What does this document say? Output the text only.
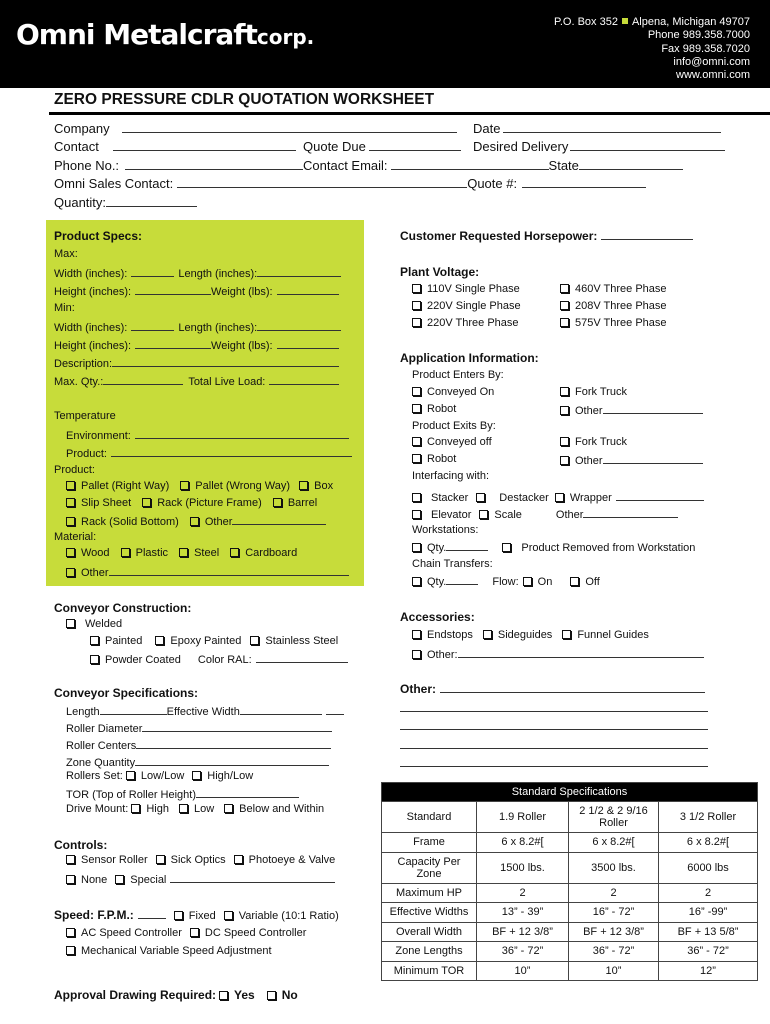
Omni Metalcraftcorp.
P.O. Box 352 Alpena, Michigan 49707
Phone 989.358.7000
Fax 989.358.7020
info@omni.com
www.omni.com
ZERO PRESSURE CDLR QUOTATION WORKSHEET
Company	Date
Contact	Quote Due	Desired Delivery
Phone No.:	Contact Email:	State
Omni Sales Contact:	Quote #:
Quantity:
Product Specs:
Max:
Width (inches):	Length (inches):
Height (inches):	Weight (lbs):
Min:
Width (inches):	Length (inches):
Height (inches):	Weight (lbs):
Description:
Max. Qty.:	Total Live Load:
Temperature
Environment:
Product:
Product:
Pallet (Right Way) Pallet (Wrong Way) Box
Slip Sheet Rack (Picture Frame) Barrel
Rack (Solid Bottom) Other
Material:
Wood Plastic Steel Cardboard
Other
Conveyor Construction:
Welded
Painted	Epoxy Painted Stainless Steel
Powder Coated Color RAL:
Conveyor Specifications:
Length	Effective Width
Roller Diameter
Roller Centers
Zone Quantity
Rollers Set: Low/Low High/Low
TOR (Top of Roller Height)
Drive Mount: High Low Below and Within
Controls:
Sensor Roller Sick Optics Photoeye & Valve
None Special
Speed: F.P.M.:	Fixed Variable (10:1 Ratio)
AC Speed Controller DC Speed Controller
Mechanical Variable Speed Adjustment
Approval Drawing Required: Yes No
Customer Requested Horsepower:
Plant Voltage:
110V Single Phase	460V Three Phase
220V Single Phase	208V Three Phase
220V Three Phase	575V Three Phase
Application Information:
Product Enters By:
Conveyed On	Fork Truck
Robot	Other
Product Exits By:
Conveyed off	Fork Truck
Robot	Other
Interfacing with:
Stacker	Destacker Wrapper
Elevator Scale	Other
Workstations:
Qty.	Product Removed from Workstation
Chain Transfers:
Qty.	Flow: On	Off
Accessories:
Endstops Sideguides Funnel Guides
Other:
Other:
Standard Specifications			
Standard	1.9 Roller	2 1/2 & 2 9/16 Roller	3 1/2 Roller
Frame	6 x 8.2#[	6 x 8.2#[	6 x 8.2#[
Capacity Per Zone	1500 lbs.	3500 lbs.	6000 lbs
Maximum HP	2	2	2
Effective Widths	13” - 39”	16” - 72”	16” -99”
Overall Width	BF + 12 3/8”	BF + 12 3/8”	BF + 13 5/8”
Zone Lengths	36” - 72”	36” - 72”	36” - 72”
Minimum TOR	10”	10”	12”
